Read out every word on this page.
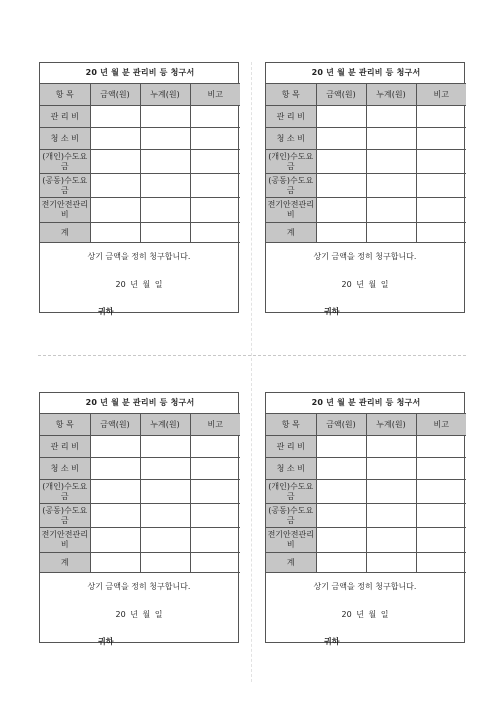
20 년 월 분 관리비 등 청구서			
항 목	금액(원)	누계(원)	비고
관 리 비			
청 소 비			
(개인)수도요금			
(공동)수도요금			
전기안전관리비			
계			
상기 금액을 정히 청구합니다.
20 년 월 일
귀하
20 년 월 분 관리비 등 청구서			
항 목	금액(원)	누계(원)	비고
관 리 비			
청 소 비			
(개인)수도요금			
(공동)수도요금			
전기안전관리비			
계			
상기 금액을 정히 청구합니다.
20 년 월 일
귀하
20 년 월 분 관리비 등 청구서			
항 목	금액(원)	누계(원)	비고
관 리 비			
청 소 비			
(개인)수도요금			
(공동)수도요금			
전기안전관리비			
계			
상기 금액을 정히 청구합니다.
20 년 월 일
귀하
20 년 월 분 관리비 등 청구서			
항 목	금액(원)	누계(원)	비고
관 리 비			
청 소 비			
(개인)수도요금			
(공동)수도요금			
전기안전관리비			
계			
상기 금액을 정히 청구합니다.
20 년 월 일
귀하
